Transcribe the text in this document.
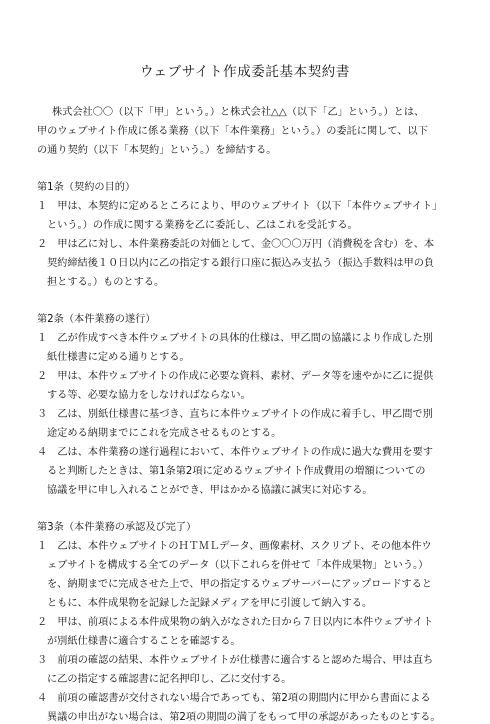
ウェブサイト作成委託基本契約書
株式会社〇〇（以下「甲」という。）と株式会社△△（以下「乙」という。）とは、
甲のウェブサイト作成に係る業務（以下「本件業務」という。）の委託に関して、以下
の通り契約（以下「本契約」という。）を締結する。
第1条（契約の目的）
１　甲は、本契約に定めるところにより、甲のウェブサイト（以下「本件ウェブサイト」
という。）の作成に関する業務を乙に委託し、乙はこれを受託する。
２　甲は乙に対し、本件業務委託の対価として、金〇〇〇万円（消費税を含む）を、本
契約締結後１０日以内に乙の指定する銀行口座に振込み支払う（振込手数料は甲の負
担とする。）ものとする。
第2条（本件業務の遂行）
１　乙が作成すべき本件ウェブサイトの具体的仕様は、甲乙間の協議により作成した別
紙仕様書に定める通りとする。
２　甲は、本件ウェブサイトの作成に必要な資料、素材、データ等を速やかに乙に提供
する等、必要な協力をしなければならない。
３　乙は、別紙仕様書に基づき、直ちに本件ウェブサイトの作成に着手し、甲乙間で別
途定める納期までにこれを完成させるものとする。
４　乙は、本件業務の遂行過程において、本件ウェブサイトの作成に過大な費用を要す
ると判断したときは、第1条第2項に定めるウェブサイト作成費用の増額についての
協議を甲に申し入れることができ、甲はかかる協議に誠実に対応する。
第3条（本件業務の承認及び完了）
１　乙は、本件ウェブサイトのＨＴＭＬデータ、画像素材、スクリプト、その他本件ウ
ェブサイトを構成する全てのデータ（以下これらを併せて「本件成果物」という。）
を、納期までに完成させた上で、甲の指定するウェブサーバーにアップロードすると
ともに、本件成果物を記録した記録メディアを甲に引渡して納入する。
２　甲は、前項による本件成果物の納入がなされた日から７日以内に本件ウェブサイト
が別紙仕様書に適合することを確認する。
３　前項の確認の結果、本件ウェブサイトが仕様書に適合すると認めた場合、甲は直ち
に乙の指定する確認書に記名押印し、乙に交付する。
４　前項の確認書が交付されない場合であっても、第2項の期間内に甲から書面による
異議の申出がない場合は、第2項の期間の満了をもって甲の承認があったものとする。
